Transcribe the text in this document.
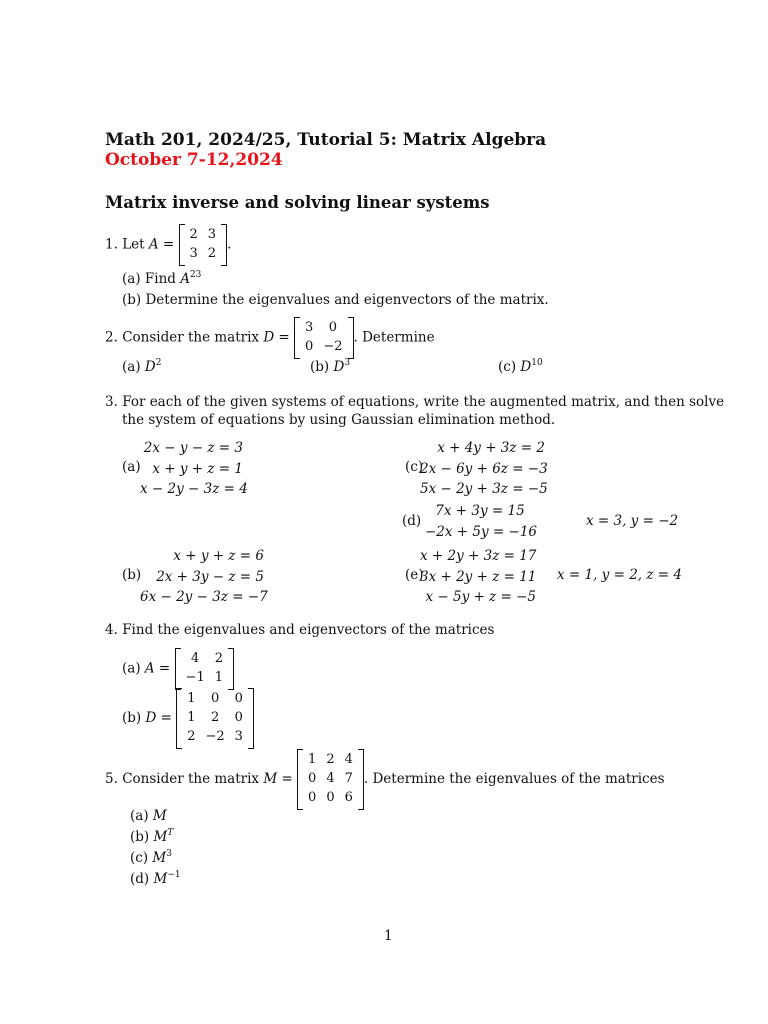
Math 201, 2024/25, Tutorial 5: Matrix Algebra
October 7-12,2024
Matrix inverse and solving linear systems
1. Let A =
2	3
3	2
.
(a) Find $A^{23}$
(b) Determine the eigenvalues and eigenvectors of the matrix.
2. Consider the matrix D =
3	0
0	−2
. Determine
(a) $D^2$	(b) $D^3$	(c) $D^{10}$
3. For each of the given systems of equations, write the augmented matrix, and then solve
the system of equations by using Gaussian elimination method.
(a)
2x − y − z = 3
x + y + z = 1
x − 2y − 3z = 4
(b)
x + y + z = 6
2x + 3y − z = 5
6x − 2y − 3z = −7
(c)
x + 4y + 3z = 2
2x − 6y + 6z = −3
5x − 2y + 3z = −5
(d)
7x + 3y = 15
−2x + 5y = −16
x = 3, y = −2
(e)
x + 2y + 3z = 17
3x + 2y + z = 11
x − 5y + z = −5
x = 1, y = 2, z = 4
4. Find the eigenvalues and eigenvectors of the matrices
(a) A =
4	2
−1	1
(b) D =
1	0	0
1	2	0
2	−2	3
5. Consider the matrix M =
1	2	4
0	4	7
0	0	6
. Determine the eigenvalues of the matrices
(a) M
(b) $M^T$
(c) $M^3$
(d) $M^{-1}$
1
